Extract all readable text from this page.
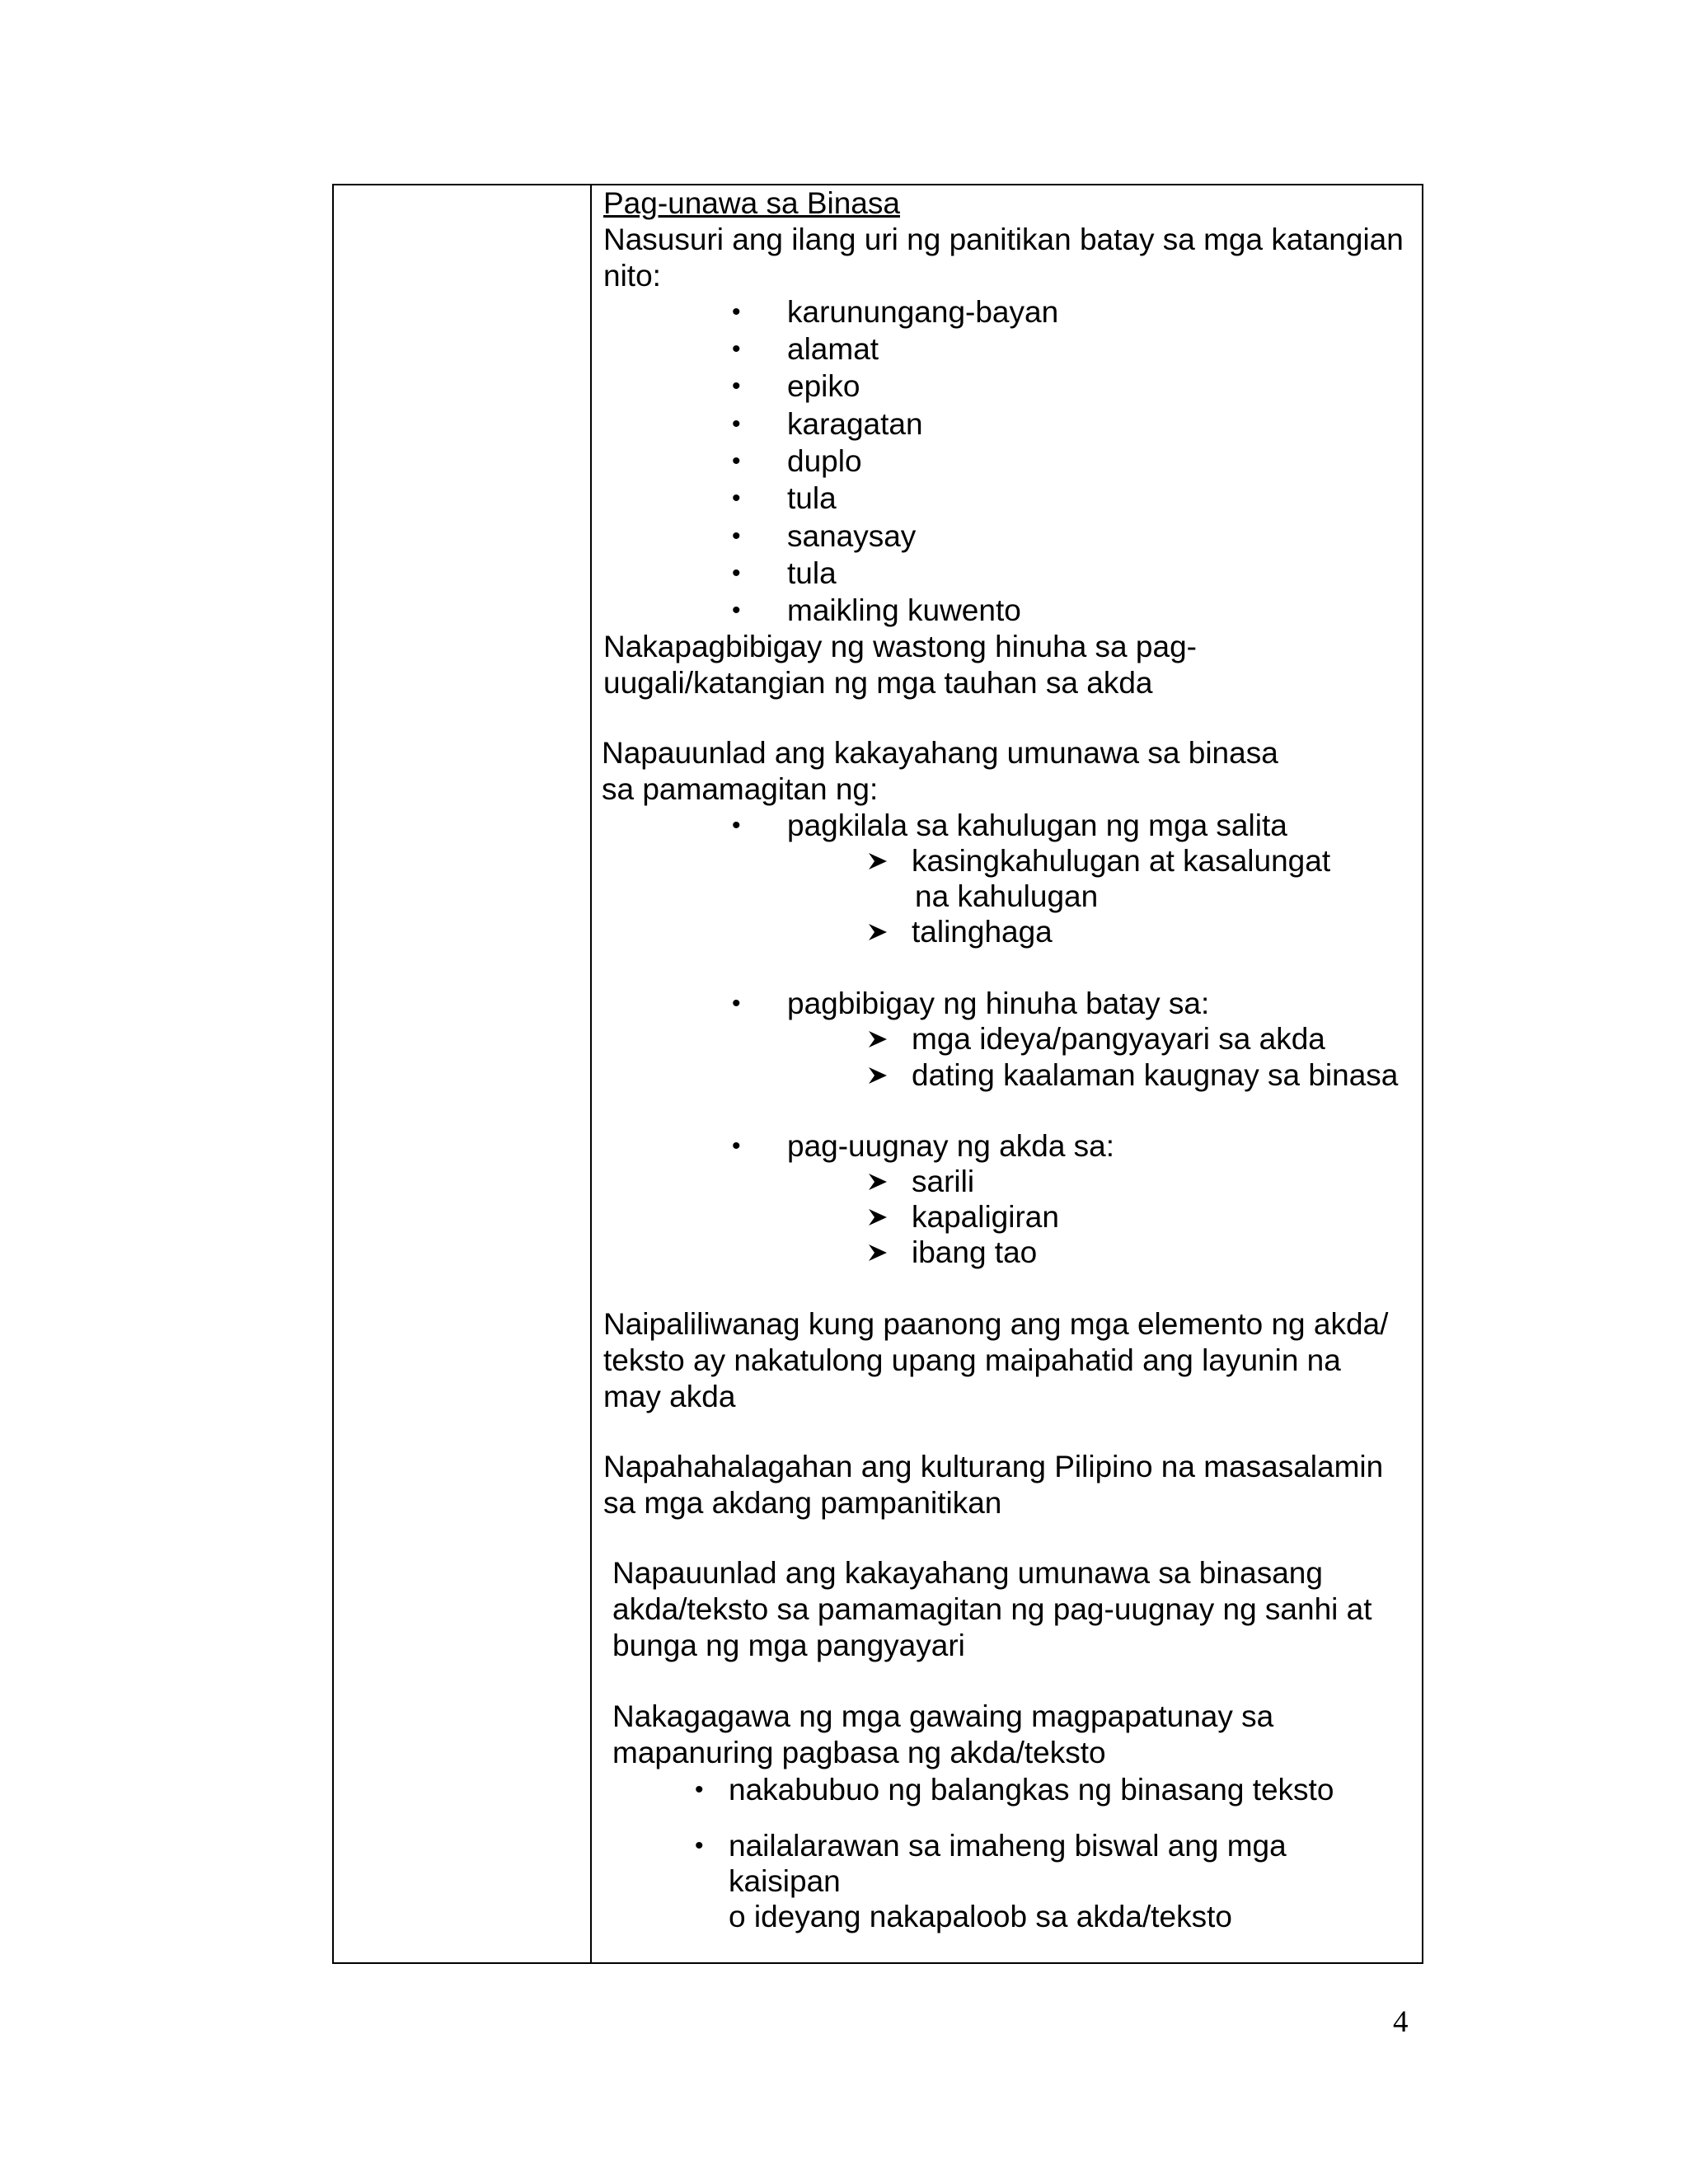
Pag-unawa sa Binasa
Nasusuri ang ilang uri ng panitikan batay sa mga katangian
nito:
• karunungang-bayan
• alamat
• epiko
• karagatan
• duplo
• tula
• sanaysay
• tula
• maikling kuwento
Nakapagbibigay ng wastong hinuha sa pag-
uugali/katangian ng mga tauhan sa akda
Napauunlad ang kakayahang umunawa sa binasa
sa pamamagitan ng:
• pagkilala sa kahulugan ng mga salita
kasingkahulugan at kasalungat
na kahulugan
talinghaga
• pagbibigay ng hinuha batay sa:
mga ideya/pangyayari sa akda
dating kaalaman kaugnay sa binasa
• pag-uugnay ng akda sa:
sarili
kapaligiran
ibang tao
Naipaliliwanag kung paanong ang mga elemento ng akda/
teksto ay nakatulong upang maipahatid ang layunin na
may akda
Napahahalagahan ang kulturang Pilipino na masasalamin
sa mga akdang pampanitikan
Napauunlad ang kakayahang umunawa sa binasang
akda/teksto sa pamamagitan ng pag-uugnay ng sanhi at
bunga ng mga pangyayari
Nakagagawa ng mga gawaing magpapatunay sa
mapanuring pagbasa ng akda/teksto
• nakabubuo ng balangkas ng binasang teksto
• nailalarawan sa imaheng biswal ang mga
kaisipan
o ideyang nakapaloob sa akda/teksto
4
